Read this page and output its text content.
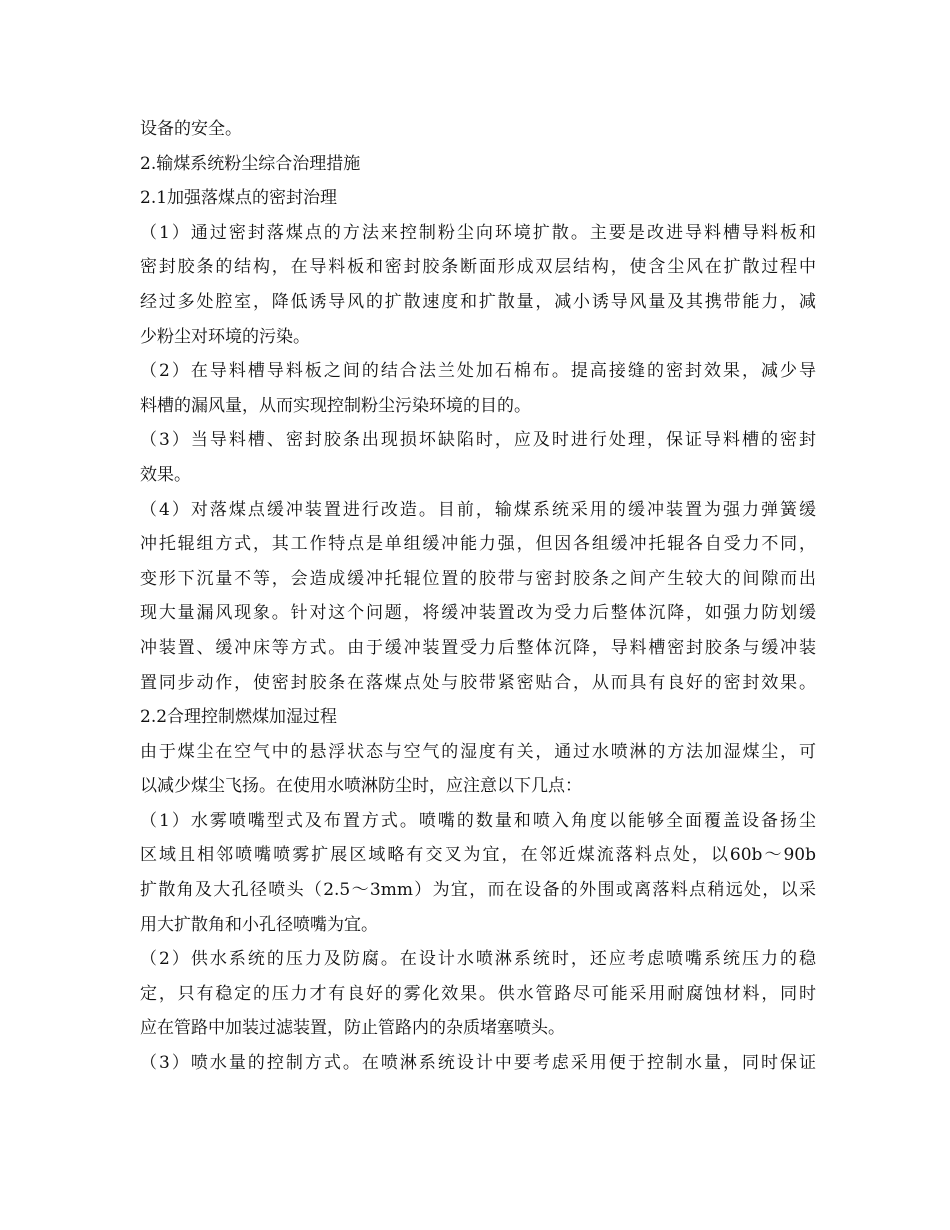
设备的安全。
2.输煤系统粉尘综合治理措施
2.1加强落煤点的密封治理
（1）通过密封落煤点的方法来控制粉尘向环境扩散。主要是改进导料槽导料板和
密封胶条的结构，在导料板和密封胶条断面形成双层结构，使含尘风在扩散过程中
经过多处腔室，降低诱导风的扩散速度和扩散量，减小诱导风量及其携带能力，减
少粉尘对环境的污染。
（2）在导料槽导料板之间的结合法兰处加石棉布。提高接缝的密封效果，减少导
料槽的漏风量，从而实现控制粉尘污染环境的目的。
（3）当导料槽、密封胶条出现损坏缺陷时，应及时进行处理，保证导料槽的密封
效果。
（4）对落煤点缓冲装置进行改造。目前，输煤系统采用的缓冲装置为强力弹簧缓
冲托辊组方式，其工作特点是单组缓冲能力强，但因各组缓冲托辊各自受力不同，
变形下沉量不等，会造成缓冲托辊位置的胶带与密封胶条之间产生较大的间隙而出
现大量漏风现象。针对这个问题，将缓冲装置改为受力后整体沉降，如强力防划缓
冲装置、缓冲床等方式。由于缓冲装置受力后整体沉降，导料槽密封胶条与缓冲装
置同步动作，使密封胶条在落煤点处与胶带紧密贴合，从而具有良好的密封效果。
2.2合理控制燃煤加湿过程
由于煤尘在空气中的悬浮状态与空气的湿度有关，通过水喷淋的方法加湿煤尘，可
以减少煤尘飞扬。在使用水喷淋防尘时，应注意以下几点：
（1）水雾喷嘴型式及布置方式。喷嘴的数量和喷入角度以能够全面覆盖设备扬尘
区域且相邻喷嘴喷雾扩展区域略有交叉为宜，在邻近煤流落料点处，以60b～90b
扩散角及大孔径喷头（2.5～3mm）为宜，而在设备的外围或离落料点稍远处，以采
用大扩散角和小孔径喷嘴为宜。
（2）供水系统的压力及防腐。在设计水喷淋系统时，还应考虑喷嘴系统压力的稳
定，只有稳定的压力才有良好的雾化效果。供水管路尽可能采用耐腐蚀材料，同时
应在管路中加装过滤装置，防止管路内的杂质堵塞喷头。
（3）喷水量的控制方式。在喷淋系统设计中要考虑采用便于控制水量，同时保证
